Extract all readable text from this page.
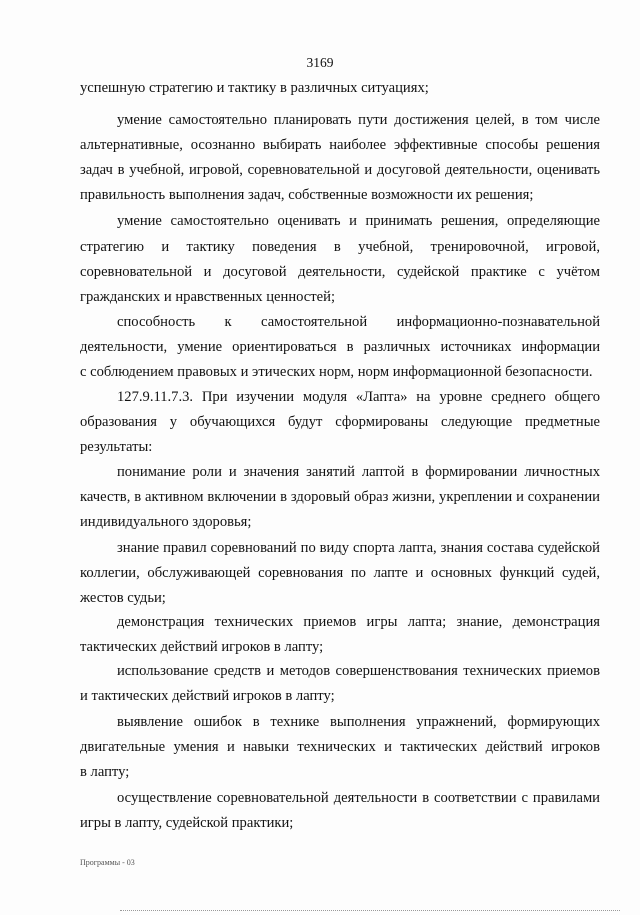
3169
успешную стратегию и тактику в различных ситуациях;
умение самостоятельно планировать пути достижения целей, в том числе
альтернативные, осознанно выбирать наиболее эффективные способы решения
задач в учебной, игровой, соревновательной и досуговой деятельности, оценивать
правильность выполнения задач, собственные возможности их решения;
умение самостоятельно оценивать и принимать решения, определяющие
стратегию и тактику поведения в учебной, тренировочной, игровой,
соревновательной и досуговой деятельности, судейской практике с учётом
гражданских и нравственных ценностей;
способность к самостоятельной информационно-познавательной
деятельности, умение ориентироваться в различных источниках информации
с соблюдением правовых и этических норм, норм информационной безопасности.
127.9.11.7.3. При изучении модуля «Лапта» на уровне среднего общего
образования у обучающихся будут сформированы следующие предметные
результаты:
понимание роли и значения занятий лаптой в формировании личностных
качеств, в активном включении в здоровый образ жизни, укреплении и сохранении
индивидуального здоровья;
знание правил соревнований по виду спорта лапта, знания состава судейской
коллегии, обслуживающей соревнования по лапте и основных функций судей,
жестов судьи;
демонстрация технических приемов игры лапта; знание, демонстрация
тактических действий игроков в лапту;
использование средств и методов совершенствования технических приемов
и тактических действий игроков в лапту;
выявление ошибок в технике выполнения упражнений, формирующих
двигательные умения и навыки технических и тактических действий игроков
в лапту;
осуществление соревновательной деятельности в соответствии с правилами
игры в лапту, судейской практики;
Программы - 03
